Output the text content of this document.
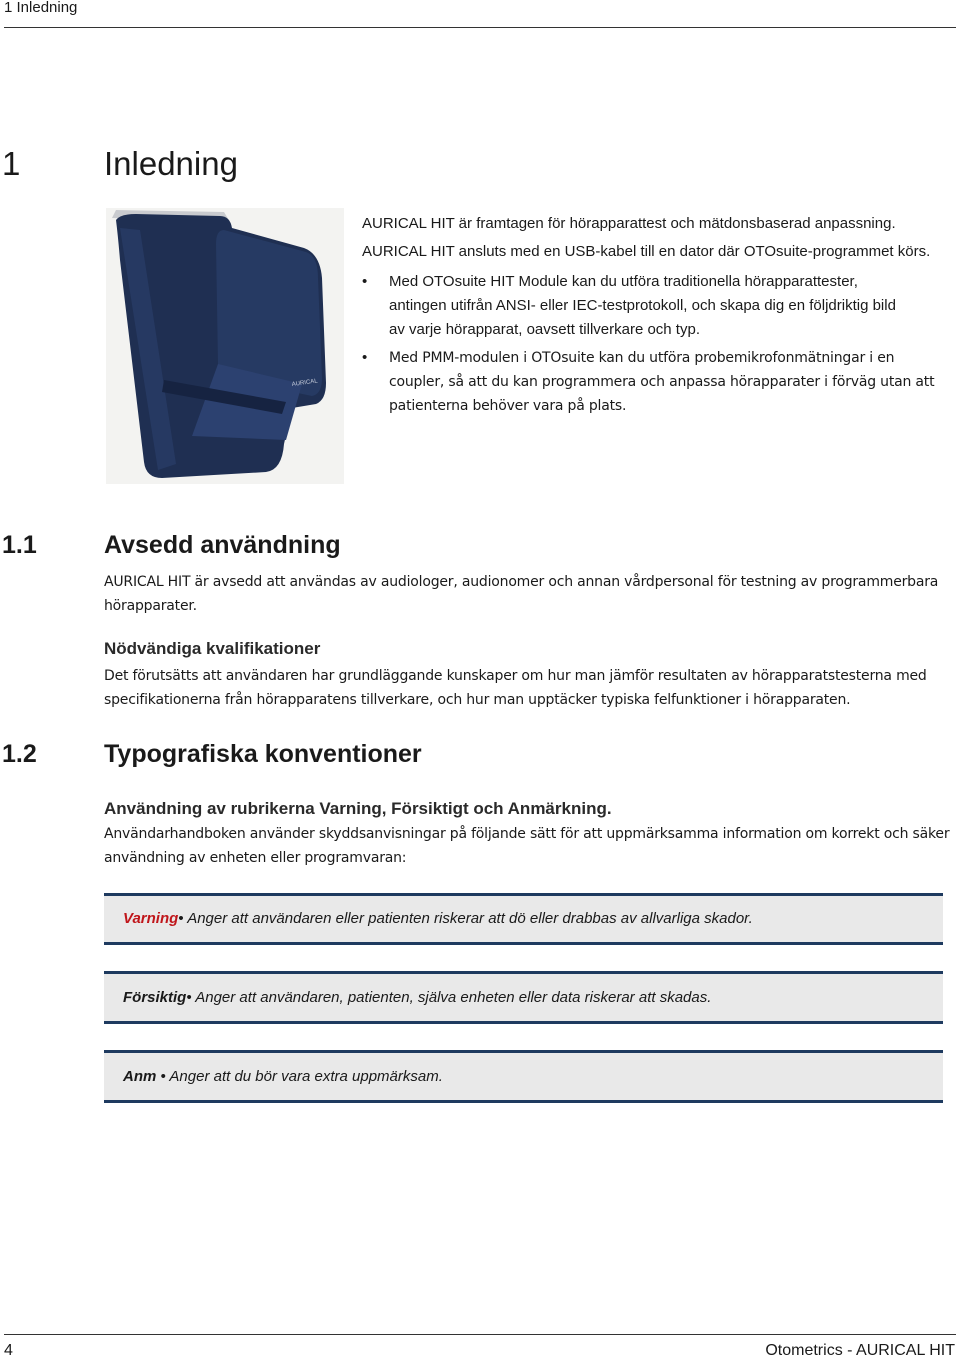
1 Inledning
1	Inledning
AURICAL
AURICAL HIT är framtagen för hörapparattest och mätdonsbaserad anpassning.
AURICAL HIT ansluts med en USB-kabel till en dator där OTOsuite-programmet körs.
• Med OTOsuite HIT Module kan du utföra traditionella hörapparattester,
antingen utifrån ANSI- eller IEC-testprotokoll, och skapa dig en följdriktig bild
av varje hörapparat, oavsett tillverkare och typ.
• Med PMM-modulen i OTOsuite kan du utföra probemikrofonmätningar i en
coupler, så att du kan programmera och anpassa hörapparater i förväg utan att
patienterna behöver vara på plats.
1.1	Avsedd användning
AURICAL HIT är avsedd att användas av audiologer, audionomer och annan vårdpersonal för testning av programmerbara
hörapparater.
Nödvändiga kvalifikationer
Det förutsätts att användaren har grundläggande kunskaper om hur man jämför resultaten av hörapparatstesterna med
specifikationerna från hörapparatens tillverkare, och hur man upptäcker typiska felfunktioner i hörapparaten.
1.2	Typografiska konventioner
Användning av rubrikerna Varning, Försiktigt och Anmärkning.
Användarhandboken använder skyddsanvisningar på följande sätt för att uppmärksamma information om korrekt och säker
användning av enheten eller programvaran:
Varning• Anger att användaren eller patienten riskerar att dö eller drabbas av allvarliga skador.
Försiktig• Anger att användaren, patienten, själva enheten eller data riskerar att skadas.
Anm • Anger att du bör vara extra uppmärksam.
4	Otometrics - AURICAL HIT
